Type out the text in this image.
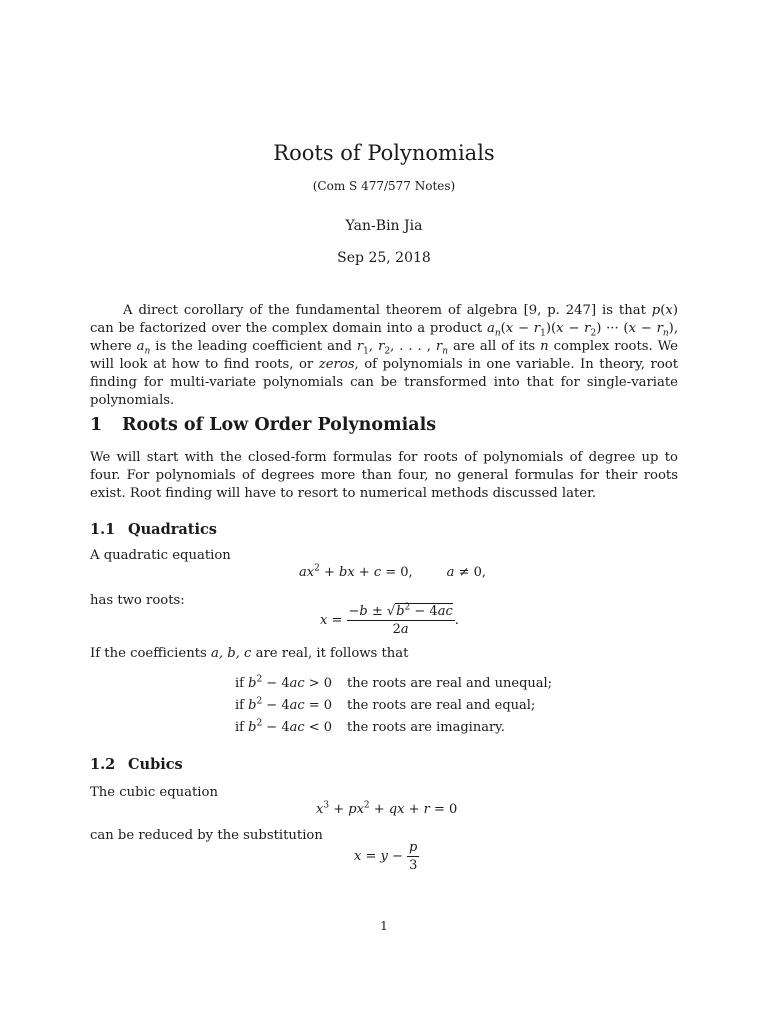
Roots of Polynomials
(Com S 477/577 Notes)
Yan-Bin Jia
Sep 25, 2018
A direct corollary of the fundamental theorem of algebra [9, p. 247] is that p(x) can be factorized over the complex domain into a product $a_n(x - r_1)(x - r_2)$ ··· $(x - r_n)$, where $a_n$ is the leading coefficient and $r_1$, $r_2$, . . . , $r_n$ are all of its n complex roots. We will look at how to find roots, or zeros, of polynomials in one variable. In theory, root finding for multi-variate polynomials can be transformed into that for single-variate polynomials.
1 Roots of Low Order Polynomials
We will start with the closed-form formulas for roots of polynomials of degree up to four. For polynomials of degrees more than four, no general formulas for their roots exist. Root finding will have to resort to numerical methods discussed later.
1.1 Quadratics
A quadratic equation
$ax^2$ + bx + c = 0,	a ≠ 0,
has two roots:
$x = \frac{-b \pm √b^2 - 4ac}{2a}$ .
If the coefficients a, b, c are real, it follows that
if $b^2 - 4ac > 0$ the roots are real and unequal;
if $b^2 - 4ac = 0$ the roots are real and equal;
if $b^2 - 4ac < 0$ the roots are imaginary.
1.2 Cubics
The cubic equation
$x^3 + px^2$ + qx + r = 0
can be reduced by the substitution
$x = y - \frac{p}{3}$
1
